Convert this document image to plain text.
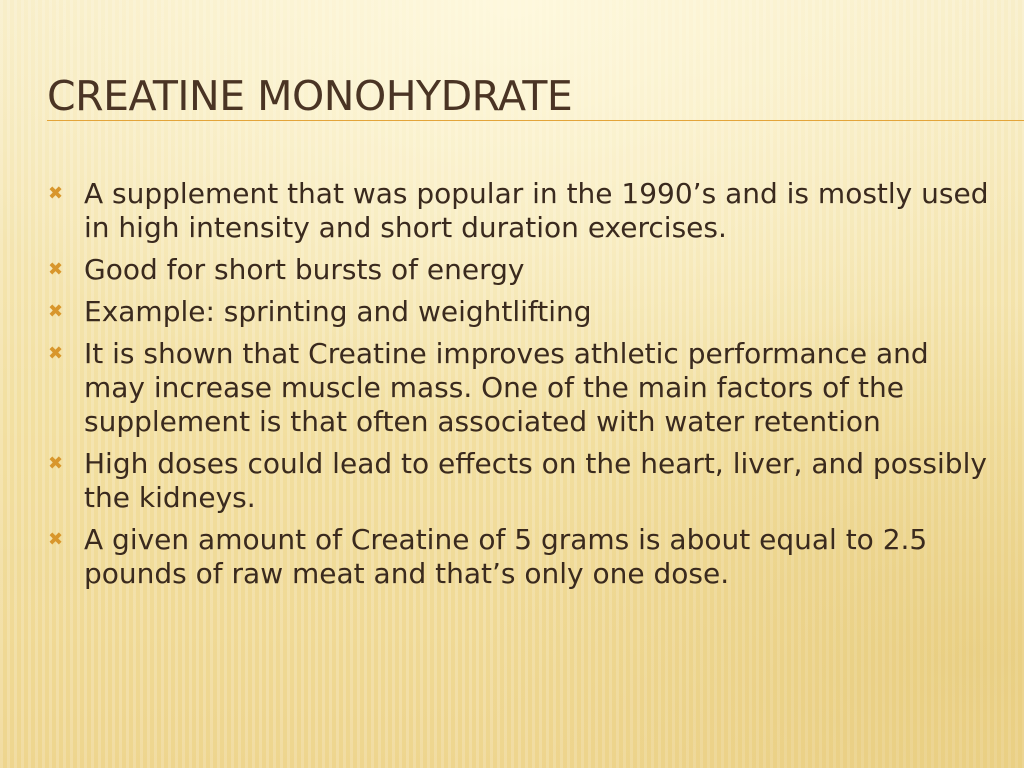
CREATINE MONOHYDRATE
✖ A supplement that was popular in the 1990’s and is mostly used in high intensity and short duration exercises.
✖ Good for short bursts of energy
✖ Example: sprinting and weightlifting
✖ It is shown that Creatine improves athletic performance and may increase muscle mass. One of the main factors of the supplement is that often associated with water retention
✖ High doses could lead to effects on the heart, liver, and possibly the kidneys.
✖ A given amount of Creatine of 5 grams is about equal to 2.5 pounds of raw meat and that’s only one dose.
